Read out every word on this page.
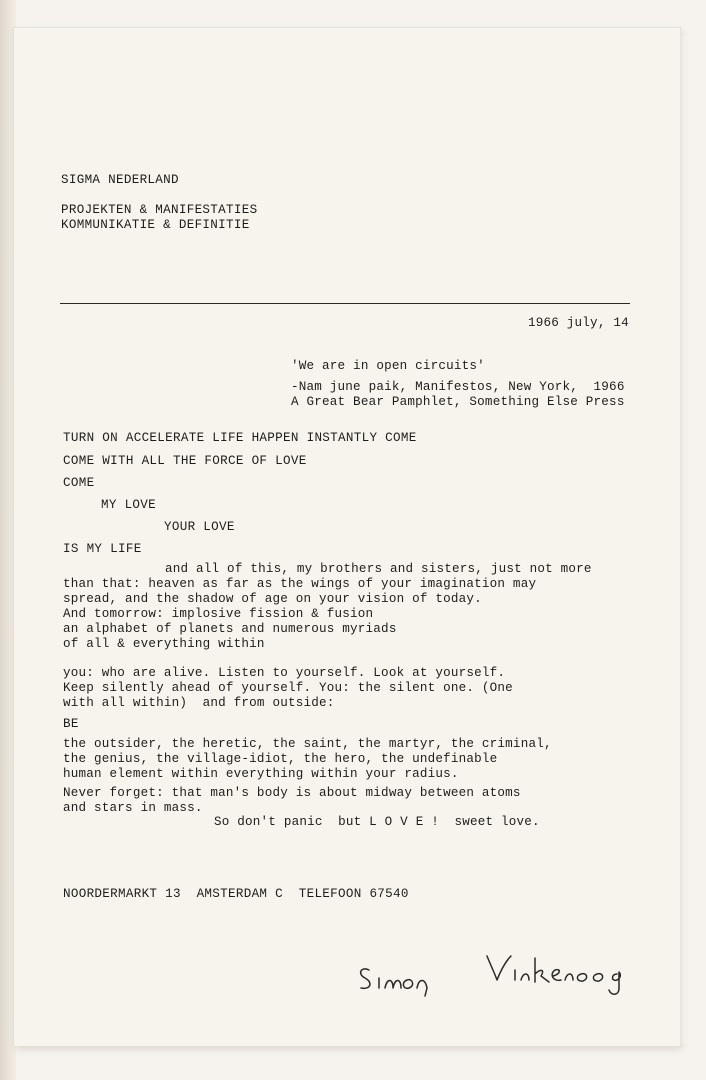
SIGMA NEDERLAND
PROJEKTEN & MANIFESTATIES
KOMMUNIKATIE & DEFINITIE
1966 july, 14
'We are in open circuits'
-Nam june paik, Manifestos, New York,  1966
A Great Bear Pamphlet, Something Else Press
TURN ON ACCELERATE LIFE HAPPEN INSTANTLY COME
COME WITH ALL THE FORCE OF LOVE
COME
MY LOVE
YOUR LOVE
IS MY LIFE
and all of this, my brothers and sisters, just not more
than that: heaven as far as the wings of your imagination may
spread, and the shadow of age on your vision of today.
And tomorrow: implosive fission & fusion
an alphabet of planets and numerous myriads
of all & everything within
you: who are alive. Listen to yourself. Look at yourself.
Keep silently ahead of yourself. You: the silent one. (One
with all within)  and from outside:
BE
the outsider, the heretic, the saint, the martyr, the criminal,
the genius, the village-idiot, the hero, the undefinable
human element within everything within your radius.
Never forget: that man's body is about midway between atoms
and stars in mass.
So don't panic  but L O V E !  sweet love.
NOORDERMARKT 13  AMSTERDAM C  TELEFOON 67540
